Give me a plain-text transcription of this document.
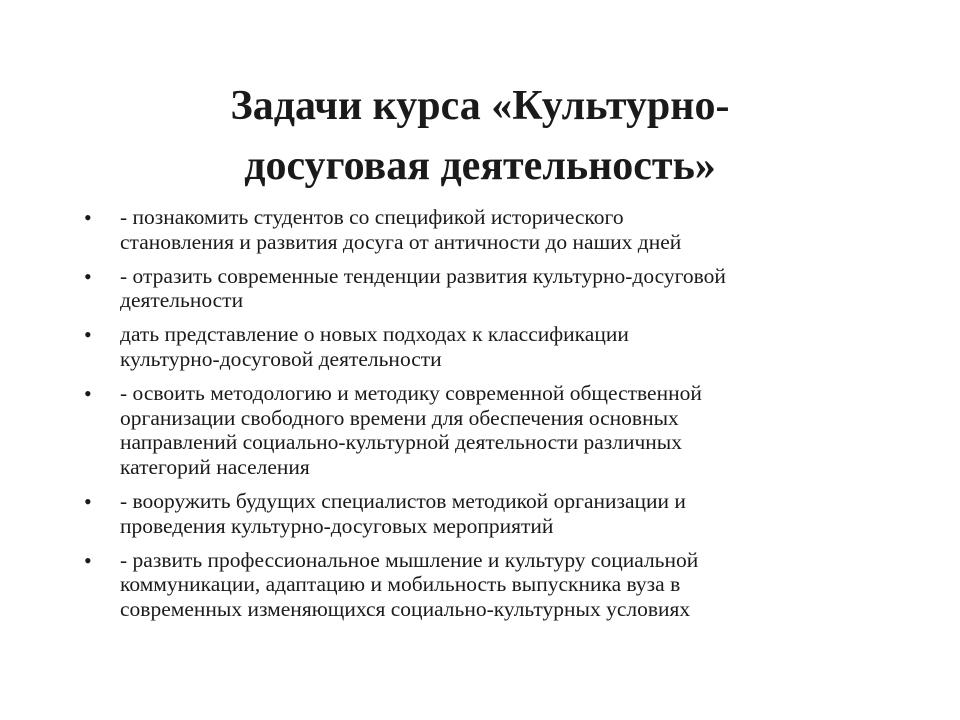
Задачи курса «Культурно-
досуговая деятельность»
• - познакомить студентов со спецификой исторического
становления и развития досуга от античности до наших дней
• - отразить современные тенденции развития культурно-досуговой
деятельности
• дать представление о новых подходах к классификации
культурно-досуговой деятельности
• - освоить методологию и методику современной общественной
организации свободного времени для обеспечения основных
направлений социально-культурной деятельности различных
категорий населения
• - вооружить будущих специалистов методикой организации и
проведения культурно-досуговых мероприятий
• - развить профессиональное мышление и культуру социальной
коммуникации, адаптацию и мобильность выпускника вуза в
современных изменяющихся социально-культурных условиях
